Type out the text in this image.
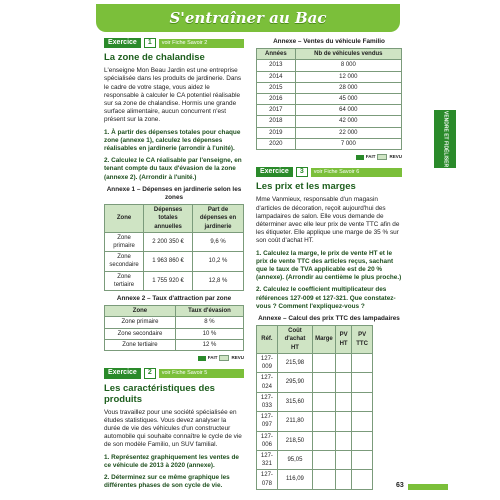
S'entraîner au Bac
VENDRE ET FIDÉLISER
Exercice	1	voir Fiche Savoir 2
La zone de chalandise

L'enseigne Mon Beau Jardin est une entreprise spécialisée dans les produits de jardinerie. Dans le cadre de votre stage, vous aidez le responsable à calculer le CA potentiel réalisable sur sa zone de chalandise. Hormis une grande surface alimentaire, aucun concurrent n'est présent sur la zone.

1. À partir des dépenses totales pour chaque zone (annexe 1), calculez les dépenses réalisables en jardinerie (arrondir à l'unité).

2. Calculez le CA réalisable par l'enseigne, en tenant compte du taux d'évasion de la zone (annexe 2). (Arrondir à l'unité.)

Annexe 1 – Dépenses en jardinerie selon les zones
Zone	Dépenses totales annuelles	Part de dépenses en jardinerie
Zone primaire	2 200 350 €	9,6 %
Zone secondaire	1 963 860 €	10,2 %
Zone tertiaire	1 755 920 €	12,8 %
Annexe 2 – Taux d'attraction par zone
Zone	Taux d'évasion
Zone primaire	8 %
Zone secondaire	10 %
Zone tertiaire	12 %
FAIT	REVU
Exercice	2	voir Fiche Savoir 5
Les caractéristiques des produits

Vous travaillez pour une société spécialisée en études statistiques. Vous devez analyser la durée de vie des véhicules d'un constructeur automobile qui souhaite connaître le cycle de vie de son modèle Familio, un SUV familial.

1. Représentez graphiquement les ventes de ce véhicule de 2013 à 2020 (annexe).

2. Déterminez sur ce même graphique les différentes phases de son cycle de vie.

Annexe – Ventes du véhicule Familio
Années	Nb de véhicules vendus
2013	8 000
2014	12 000
2015	28 000
2016	45 000
2017	64 000
2018	42 000
2019	22 000
2020	7 000
FAIT	REVU
Exercice	3	voir Fiche Savoir 6
Les prix et les marges

Mme Vanmieux, responsable d'un magasin d'articles de décoration, reçoit aujourd'hui des lampadaires de salon. Elle vous demande de déterminer avec elle leur prix de vente TTC afin de les étiqueter. Elle applique une marge de 35 % sur son coût d'achat HT.

1. Calculez la marge, le prix de vente HT et le prix de vente TTC des articles reçus, sachant que le taux de TVA applicable est de 20 % (annexe). (Arrondir au centième le plus proche.)

2. Calculez le coefficient multiplicateur des références 127-009 et 127-321. Que constatez-vous ? Comment l'expliquez-vous ?

Annexe – Calcul des prix TTC des lampadaires
Réf.	Coût d'achat HT	Marge	PV HT	PV TTC
127-009	215,98			
127-024	295,90			
127-033	315,60			
127-097	211,80			
127-006	218,50			
127-321	95,05			
127-078	116,09			
63
